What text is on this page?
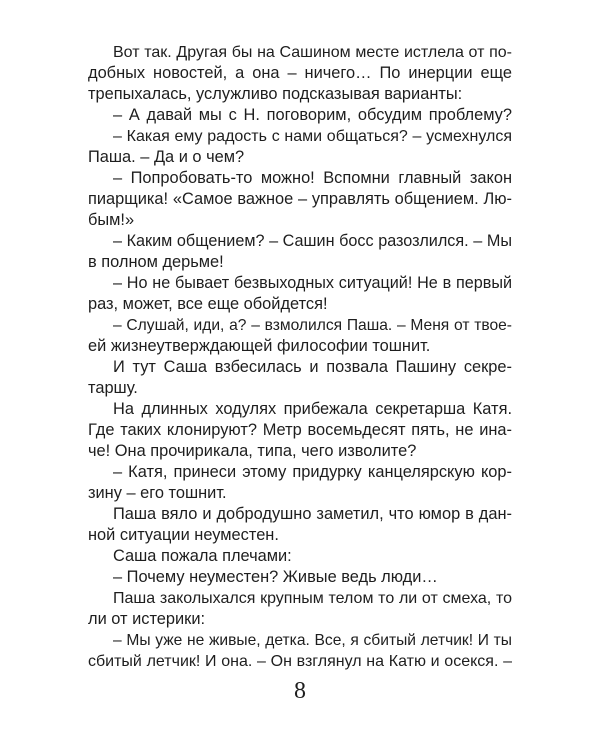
Вот так. Другая бы на Сашином месте истлела от по-
добных новостей, а она – ничего… По инерции еще
трепыхалась, услужливо подсказывая варианты:
– А давай мы с Н. поговорим, обсудим проблему?
– Какая ему радость с нами общаться? – усмехнулся
Паша. – Да и о чем?
– Попробовать-то можно! Вспомни главный закон
пиарщика! «Самое важное – управлять общением. Лю-
бым!»
– Каким общением? – Сашин босс разозлился. – Мы
в полном дерьме!
– Но не бывает безвыходных ситуаций! Не в первый
раз, может, все еще обойдется!
– Слушай, иди, а? – взмолился Паша. – Меня от твое-
ей жизнеутверждающей философии тошнит.
И тут Саша взбесилась и позвала Пашину секре-
таршу.
На длинных ходулях прибежала секретарша Катя.
Где таких клонируют? Метр восемьдесят пять, не ина-
че! Она прочирикала, типа, чего изволите?
– Катя, принеси этому придурку канцелярскую кор-
зину – его тошнит.
Паша вяло и добродушно заметил, что юмор в дан-
ной ситуации неуместен.
Саша пожала плечами:
– Почему неуместен? Живые ведь люди…
Паша заколыхался крупным телом то ли от смеха, то
ли от истерики:
– Мы уже не живые, детка. Все, я сбитый летчик! И ты
сбитый летчик! И она. – Он взглянул на Катю и осекся. –
8
